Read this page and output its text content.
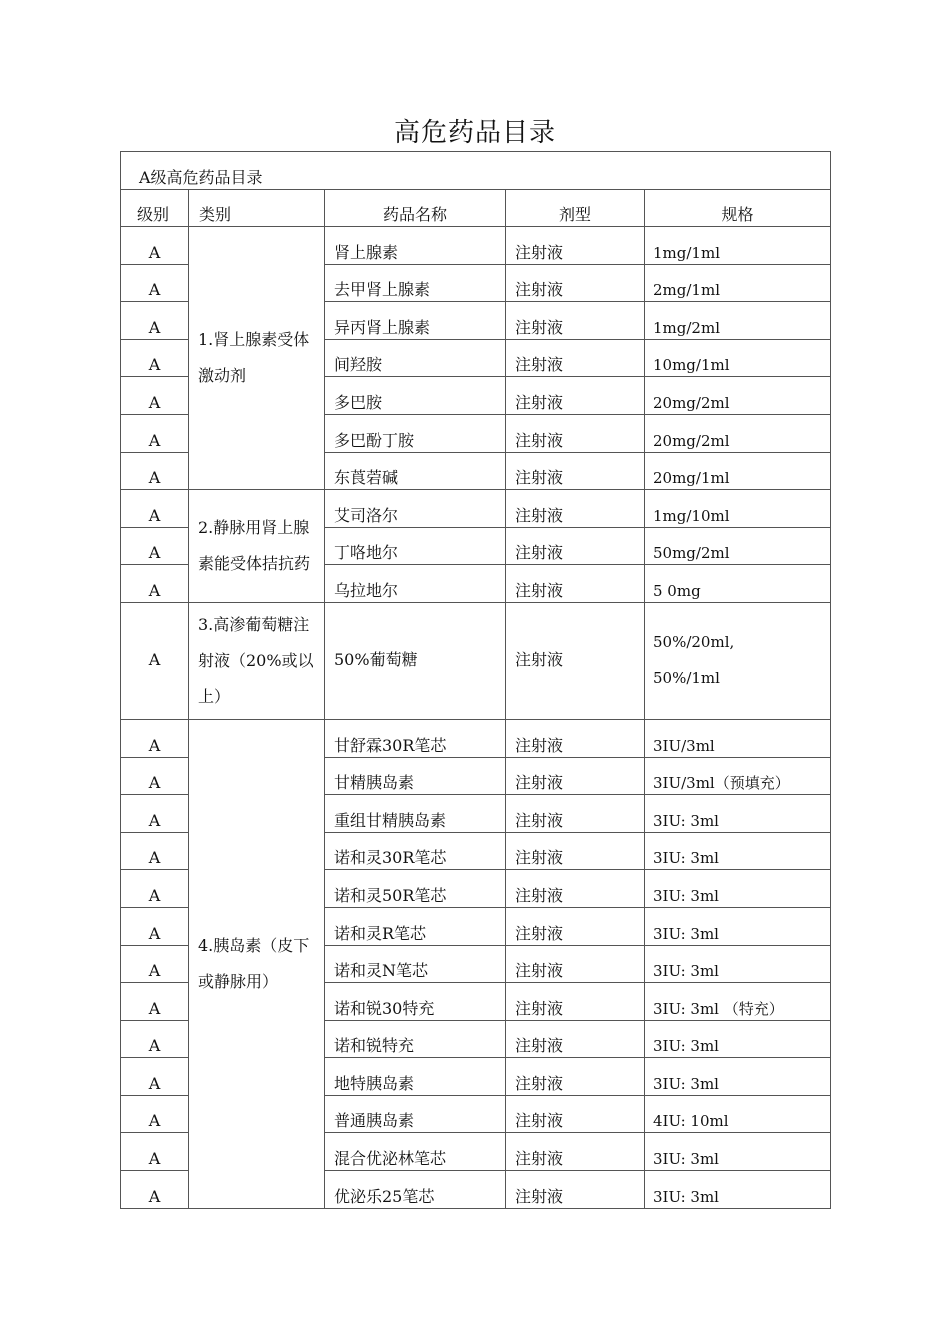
高危药品目录
A级高危药品目录				
级别	类别	药品名称	剂型	规格
A	1.肾上腺素受体激动剂	肾上腺素	注射液	1mg/1ml
A		去甲肾上腺素	注射液	2mg/1ml
A		异丙肾上腺素	注射液	1mg/2ml
A		间羟胺	注射液	10mg/1ml
A		多巴胺	注射液	20mg/2ml
A		多巴酚丁胺	注射液	20mg/2ml
A		东莨菪碱	注射液	20mg/1ml
A	2.静脉用肾上腺素能受体拮抗药	艾司洛尔	注射液	1mg/10ml
A		丁咯地尔	注射液	50mg/2ml
A		乌拉地尔	注射液	5 0mg
A	3.高渗葡萄糖注射液（20%或以上）	50%葡萄糖	注射液	50%/20ml,
50%/1ml

A	4.胰岛素（皮下或静脉用）	甘舒霖30R笔芯	注射液	3IU/3ml
A		甘精胰岛素	注射液	3IU/3ml（预填充）
A		重组甘精胰岛素	注射液	3IU: 3ml
A		诺和灵30R笔芯	注射液	3IU: 3ml
A		诺和灵50R笔芯	注射液	3IU: 3ml
A		诺和灵R笔芯	注射液	3IU: 3ml
A		诺和灵N笔芯	注射液	3IU: 3ml
A		诺和锐30特充	注射液	3IU: 3ml （特充）
A		诺和锐特充	注射液	3IU: 3ml
A		地特胰岛素	注射液	3IU: 3ml
A		普通胰岛素	注射液	4IU: 10ml
A		混合优泌林笔芯	注射液	3IU: 3ml
A		优泌乐25笔芯	注射液	3IU: 3ml
